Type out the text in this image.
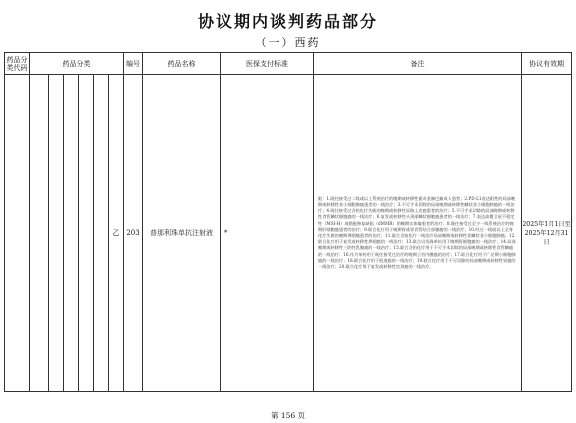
协议期内谈判药品部分
（一）西药
药品分类代码	药品分类						编号	药品名称	医保支付标准	备注	协议有效期
						乙	203	普那利珠单抗注射液	*	限：1.既往接受过二线或以上系统治疗的晚期或转移性霍奇金淋巴瘤成人患者；2.PD-L1表达阳性的局部晚期或转移性非小细胞肺癌患者的一线治疗；3.不可手术切除的局部晚期或转移性鳞状非小细胞肺癌的一线治疗；4.既往接受过含铂化疗失败的晚期或转移性尿路上皮癌患者的治疗；5.不可手术切除的局部晚期或转移性食管鳞状细胞癌的一线治疗；6.复发或转移性头颈部鳞状细胞癌患者的一线治疗；7.表达高微卫星不稳定性（MSI-H）或错配修复缺陷（dMMR）的晚期实体瘤患者的治疗；8.既往接受过至少一线系统治疗的晚期肝细胞癌患者的治疗；9.联合化疗用于晚期胃或胃食管结合部腺癌的一线治疗；10.经过一线或以上全身化疗失败的晚期鼻咽癌患者的治疗；11.联合含铂化疗一线治疗局部晚期或转移性非鳞状非小细胞肺癌；12.联合化疗用于复发或转移性鼻咽癌的一线治疗；13.联合贝伐珠单抗用于晚期肝细胞癌的一线治疗；14.局部晚期或转移性三阴性乳腺癌的一线治疗；15.联合含铂化疗用于不可手术切除的局部晚期或转移性食管鳞癌的一线治疗；16.作为单药用于既往接受过治疗的晚期子宫内膜癌的治疗；17.联合化疗用于广泛期小细胞肺癌的一线治疗；18.联合化疗用于胆道癌的一线治疗；19.联合化疗用于不可切除的局部晚期或转移性胃癌的一线治疗；20.联合化疗用于复发或转移性宫颈癌的一线治疗。	2025年1月1日至2025年12月31日
第 156 页
